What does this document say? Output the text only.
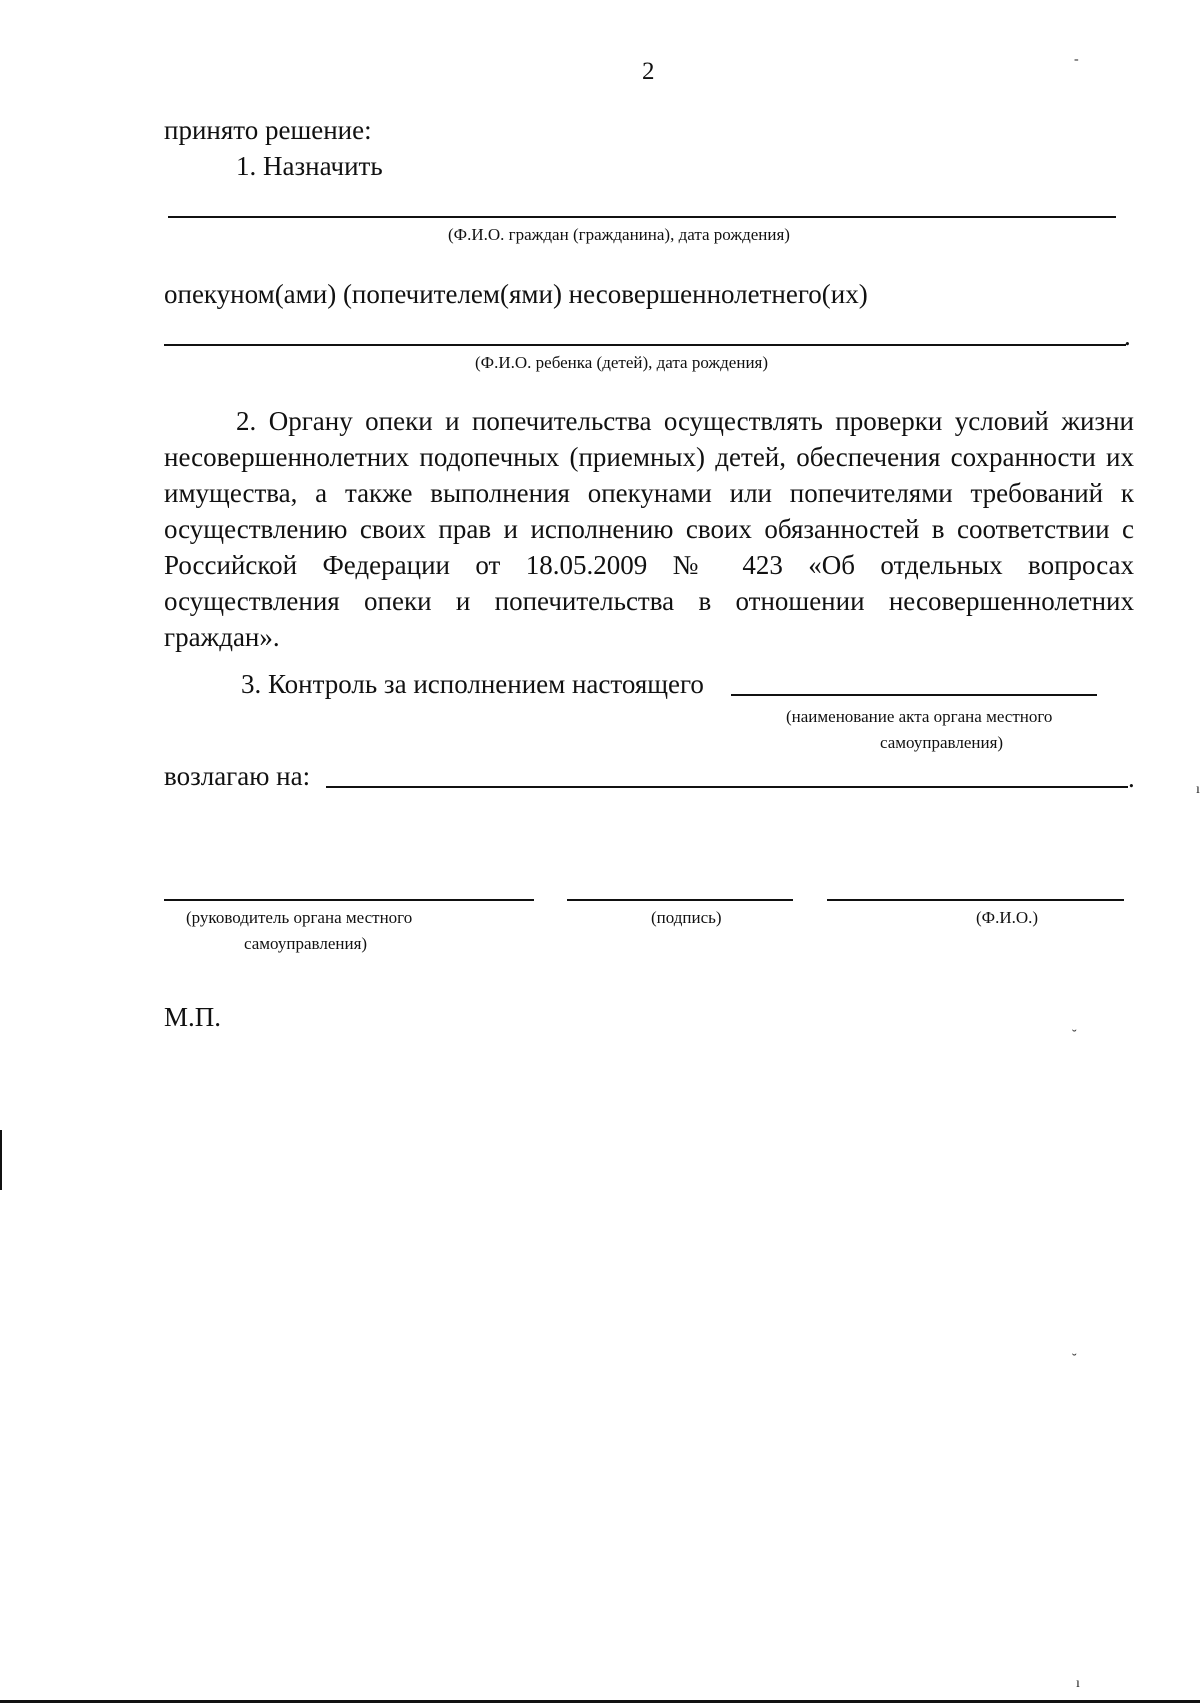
2
принято решение:
1. Назначить
(Ф.И.О. граждан (гражданина), дата рождения)
опекуном(ами) (попечителем(ями) несовершеннолетнего(их)
.
(Ф.И.О. ребенка (детей), дата рождения)
2. Органу опеки и попечительства осуществлять проверки условий жизни несовершеннолетних подопечных (приемных) детей, обеспечения сохранности их имущества, а также выполнения опекунами или попечителями требований к осуществлению своих прав и исполнению своих обязанностей в соответствии с Российской Федерации от 18.05.2009 № 423 «Об отдельных вопросах осуществления опеки и попечительства в отношении несовершеннолетних граждан».
3. Контроль за исполнением настоящего
(наименование акта органа местного
самоуправления)
возлагаю на:	.
(руководитель органа местного
самоуправления)
(подпись)	(Ф.И.О.)
М.П.
-
˘
˘
ı
ı
